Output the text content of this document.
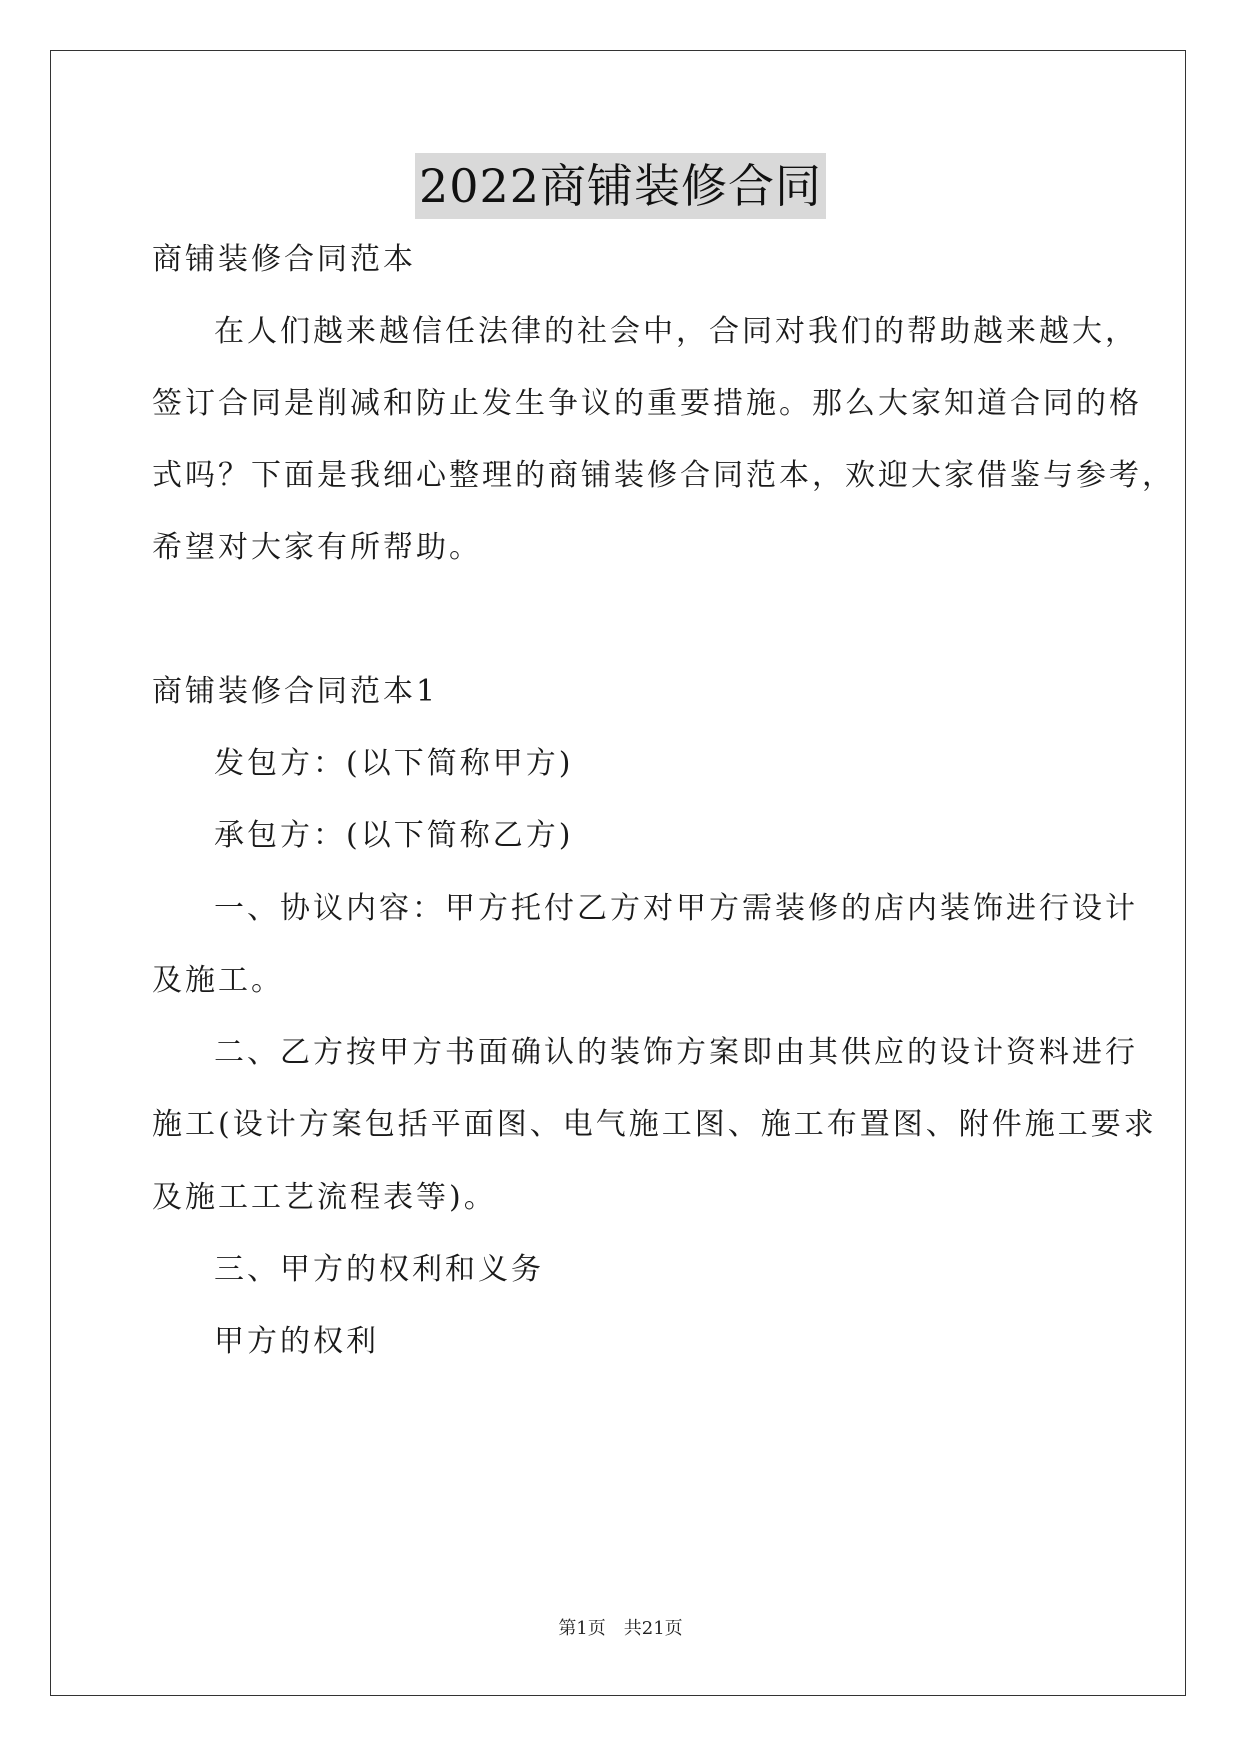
2022商铺装修合同
商铺装修合同范本
在人们越来越信任法律的社会中，合同对我们的帮助越来越大，
签订合同是削减和防止发生争议的重要措施。那么大家知道合同的格
式吗？下面是我细心整理的商铺装修合同范本，欢迎大家借鉴与参考，
希望对大家有所帮助。
商铺装修合同范本1
发包方：(以下简称甲方)
承包方：(以下简称乙方)
一、协议内容：甲方托付乙方对甲方需装修的店内装饰进行设计
及施工。
二、乙方按甲方书面确认的装饰方案即由其供应的设计资料进行
施工(设计方案包括平面图、电气施工图、施工布置图、附件施工要求
及施工工艺流程表等)。
三、甲方的权利和义务
甲方的权利
第1页　共21页
